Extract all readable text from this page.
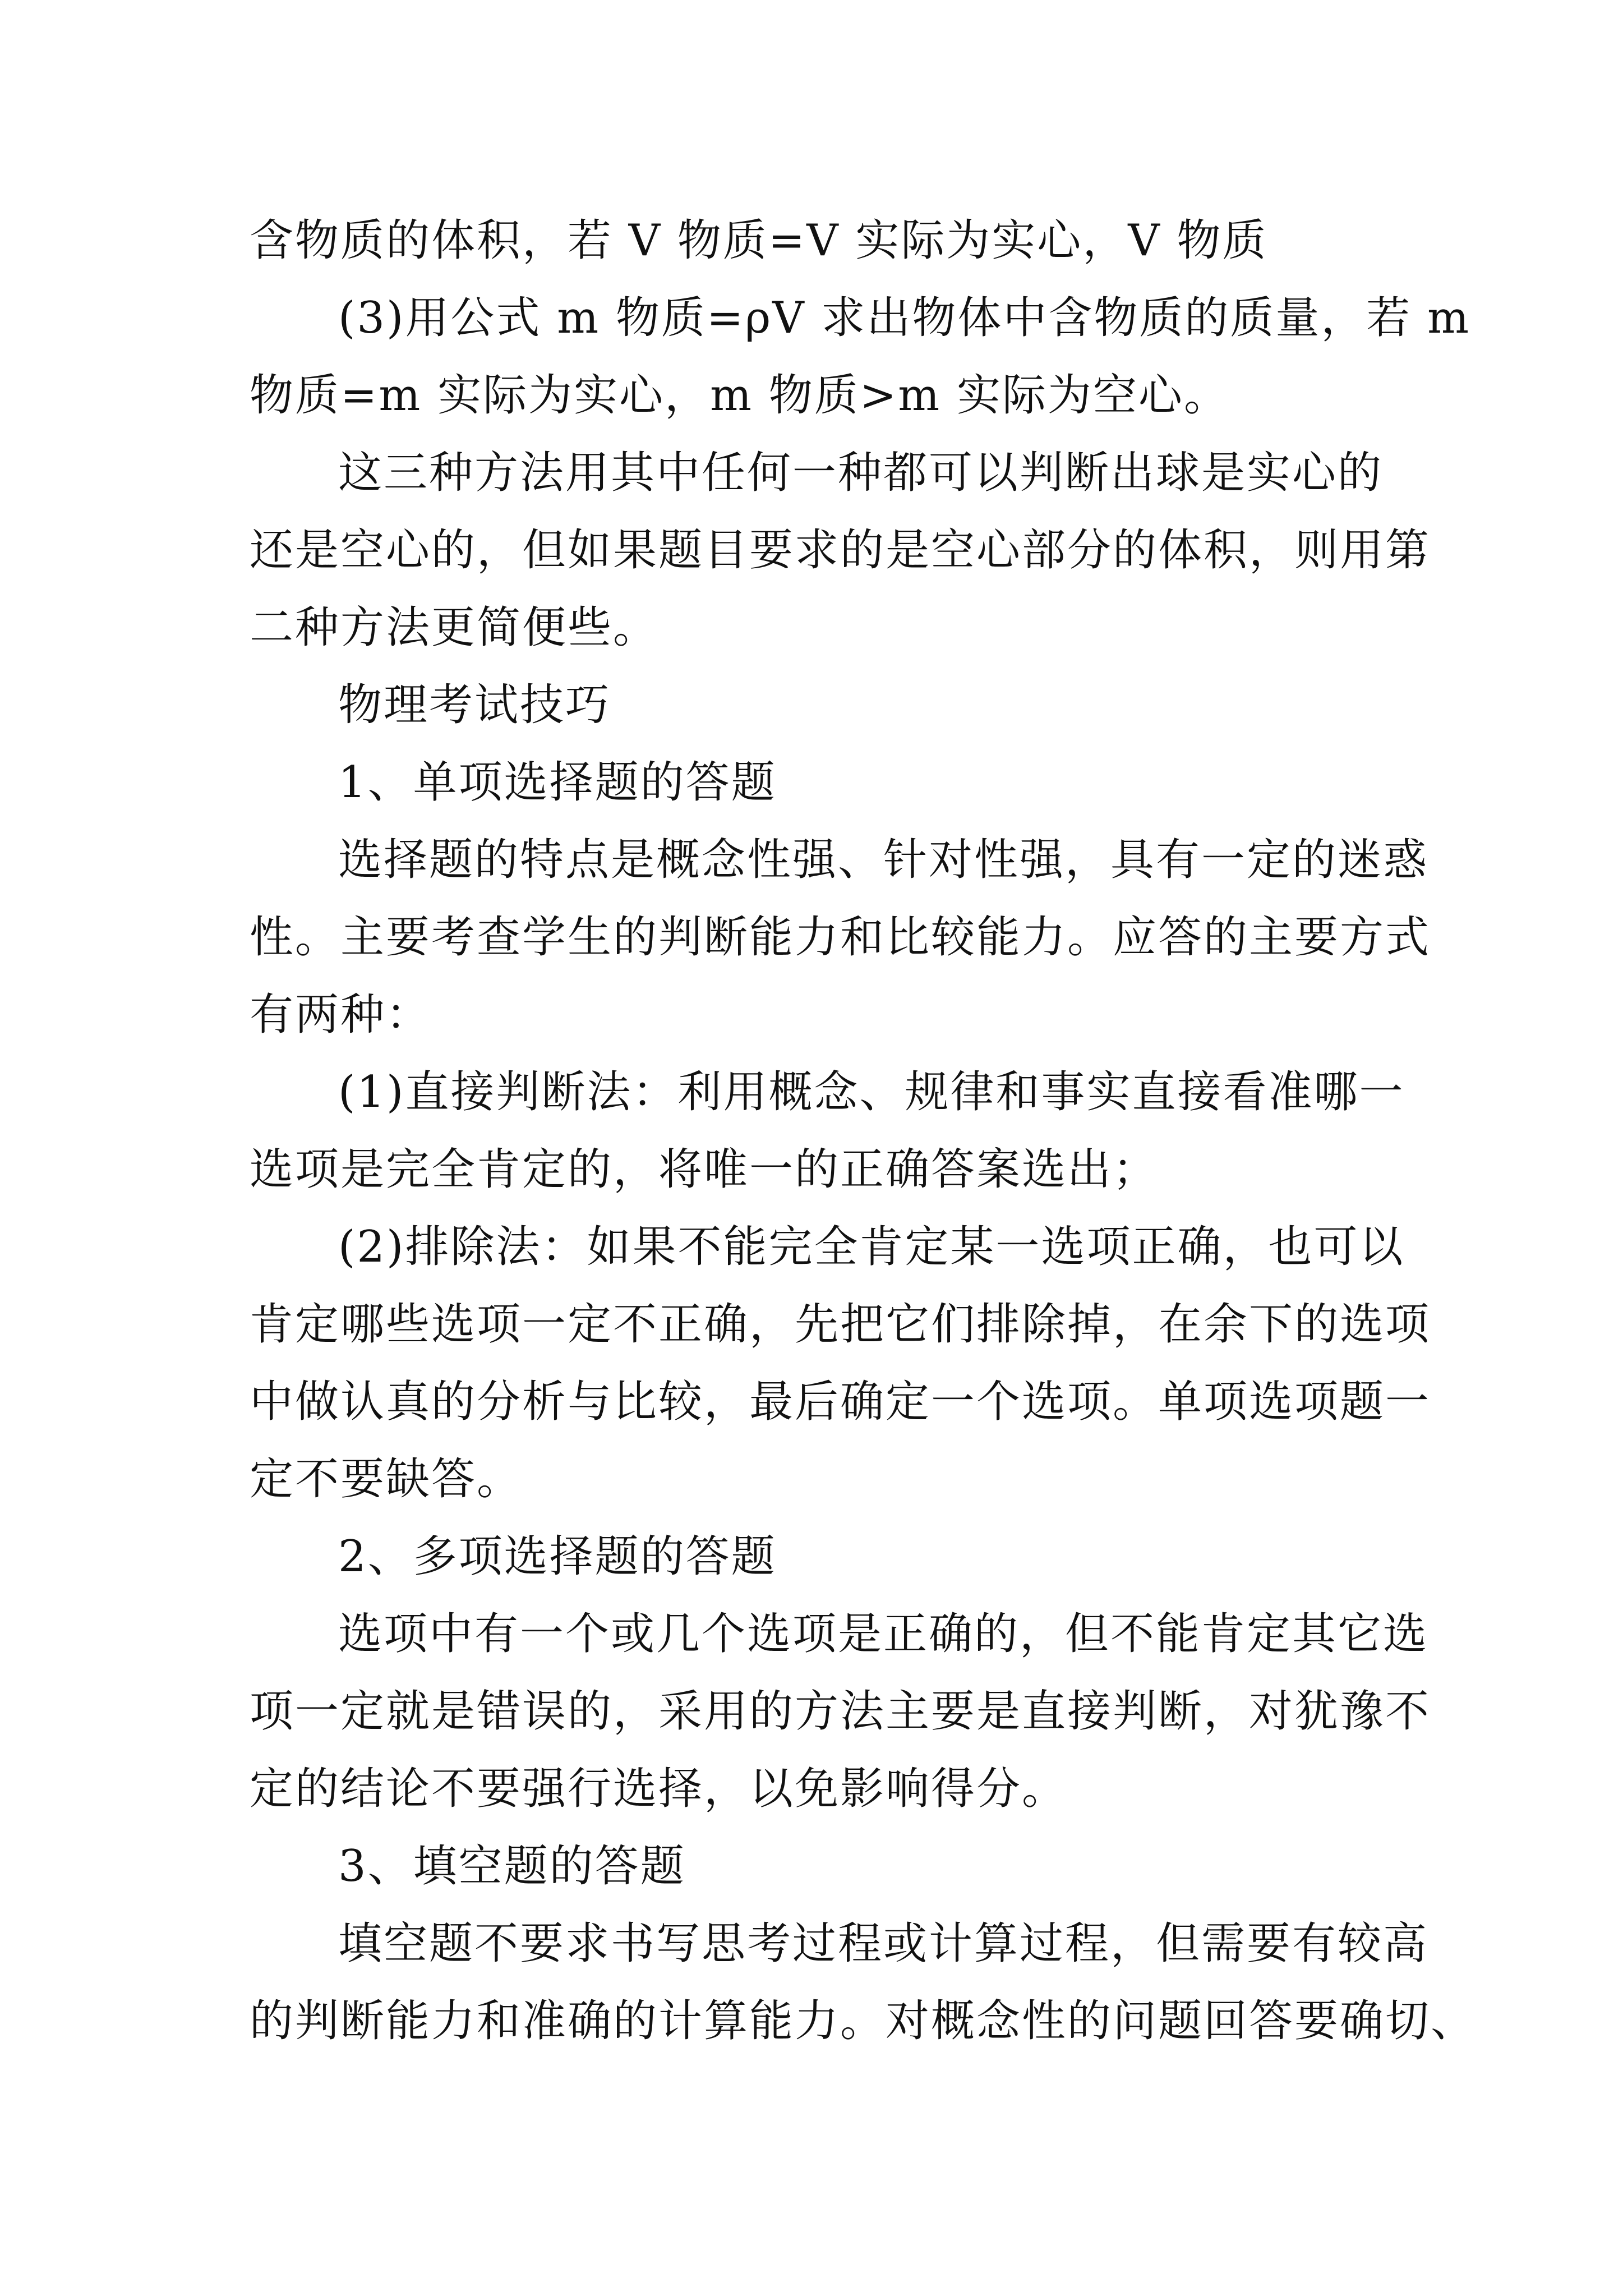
含物质的体积，若 V 物质=V 实际为实心，V 物质
(3)用公式 m 物质=ρV 求出物体中含物质的质量，若 m
物质=m 实际为实心，m 物质>m 实际为空心。
这三种方法用其中任何一种都可以判断出球是实心的
还是空心的，但如果题目要求的是空心部分的体积，则用第
二种方法更简便些。
物理考试技巧
1、单项选择题的答题
选择题的特点是概念性强、针对性强，具有一定的迷惑
性。主要考查学生的判断能力和比较能力。应答的主要方式
有两种：
(1)直接判断法：利用概念、规律和事实直接看准哪一
选项是完全肯定的，将唯一的正确答案选出；
(2)排除法：如果不能完全肯定某一选项正确，也可以
肯定哪些选项一定不正确，先把它们排除掉，在余下的选项
中做认真的分析与比较，最后确定一个选项。单项选项题一
定不要缺答。
2、多项选择题的答题
选项中有一个或几个选项是正确的，但不能肯定其它选
项一定就是错误的，采用的方法主要是直接判断，对犹豫不
定的结论不要强行选择，以免影响得分。
3、填空题的答题
填空题不要求书写思考过程或计算过程，但需要有较高
的判断能力和准确的计算能力。对概念性的问题回答要确切、
